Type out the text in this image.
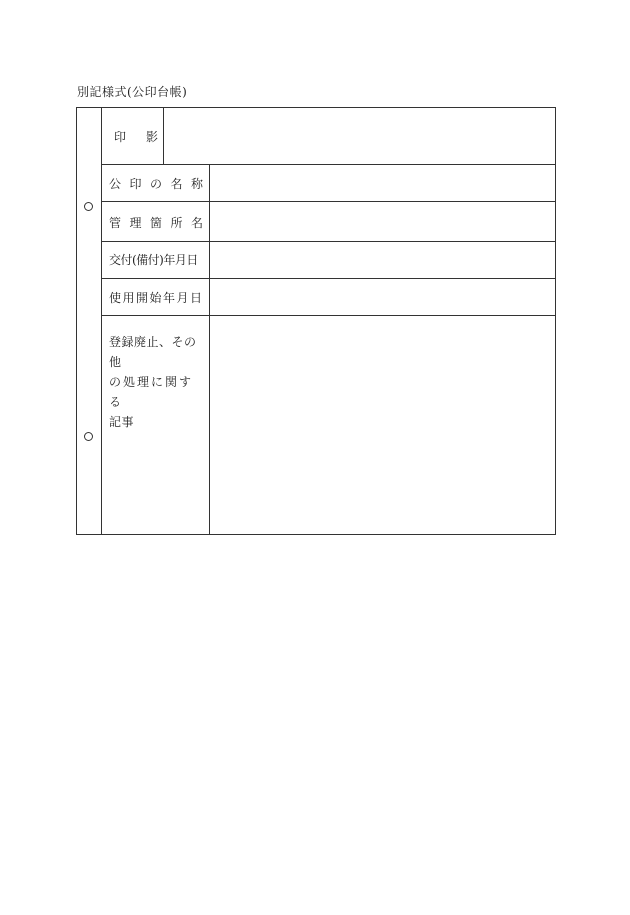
別記様式(公印台帳)
印　影
公 印 の 名 称
管 理 箇 所 名
交付(備付)年月日
使用開始年月日
登録廃止、その他
の処理に関する
記事
